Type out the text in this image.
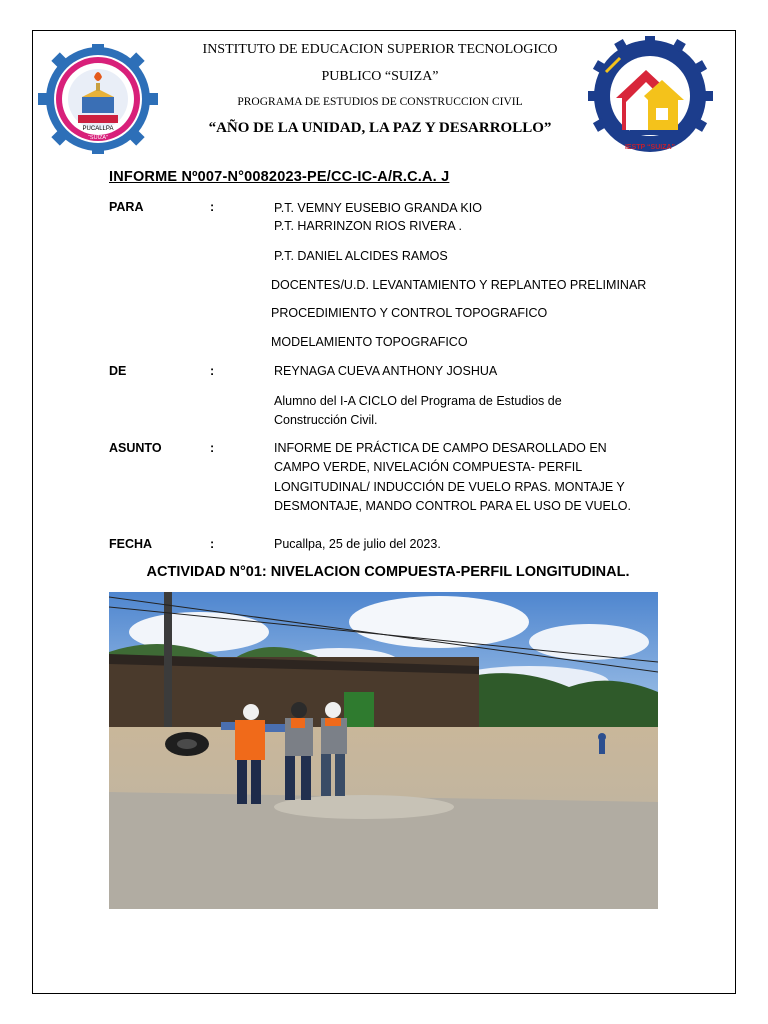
PUCALLPA
“SUIZA”
IESTP “SUIZA”
INSTITUTO DE EDUCACION SUPERIOR TECNOLOGICO
PUBLICO “SUIZA”
PROGRAMA DE ESTUDIOS DE CONSTRUCCION CIVIL
“AÑO DE LA UNIDAD, LA PAZ Y DESARROLLO”
INFORME Nº007-N°0082023-PE/CC-IC-A/R.C.A. J
PARA	:	P.T. VEMNY EUSEBIO GRANDA KIO
P.T. HARRINZON RIOS RIVERA .
P.T. DANIEL ALCIDES RAMOS
DOCENTES/U.D. LEVANTAMIENTO Y REPLANTEO PRELIMINAR
PROCEDIMIENTO Y CONTROL TOPOGRAFICO
MODELAMIENTO TOPOGRAFICO
DE	:	REYNAGA CUEVA ANTHONY JOSHUA
Alumno del I-A CICLO del Programa de Estudios de
Construcción Civil.
ASUNTO	:	INFORME DE PRÁCTICA DE CAMPO DESAROLLADO EN
CAMPO VERDE, NIVELACIÓN COMPUESTA- PERFIL
LONGITUDINAL/ INDUCCIÓN DE VUELO RPAS. MONTAJE Y
DESMONTAJE, MANDO CONTROL PARA EL USO DE VUELO.
FECHA	:	Pucallpa, 25 de julio del 2023.
ACTIVIDAD N°01: NIVELACION COMPUESTA-PERFIL LONGITUDINAL.
